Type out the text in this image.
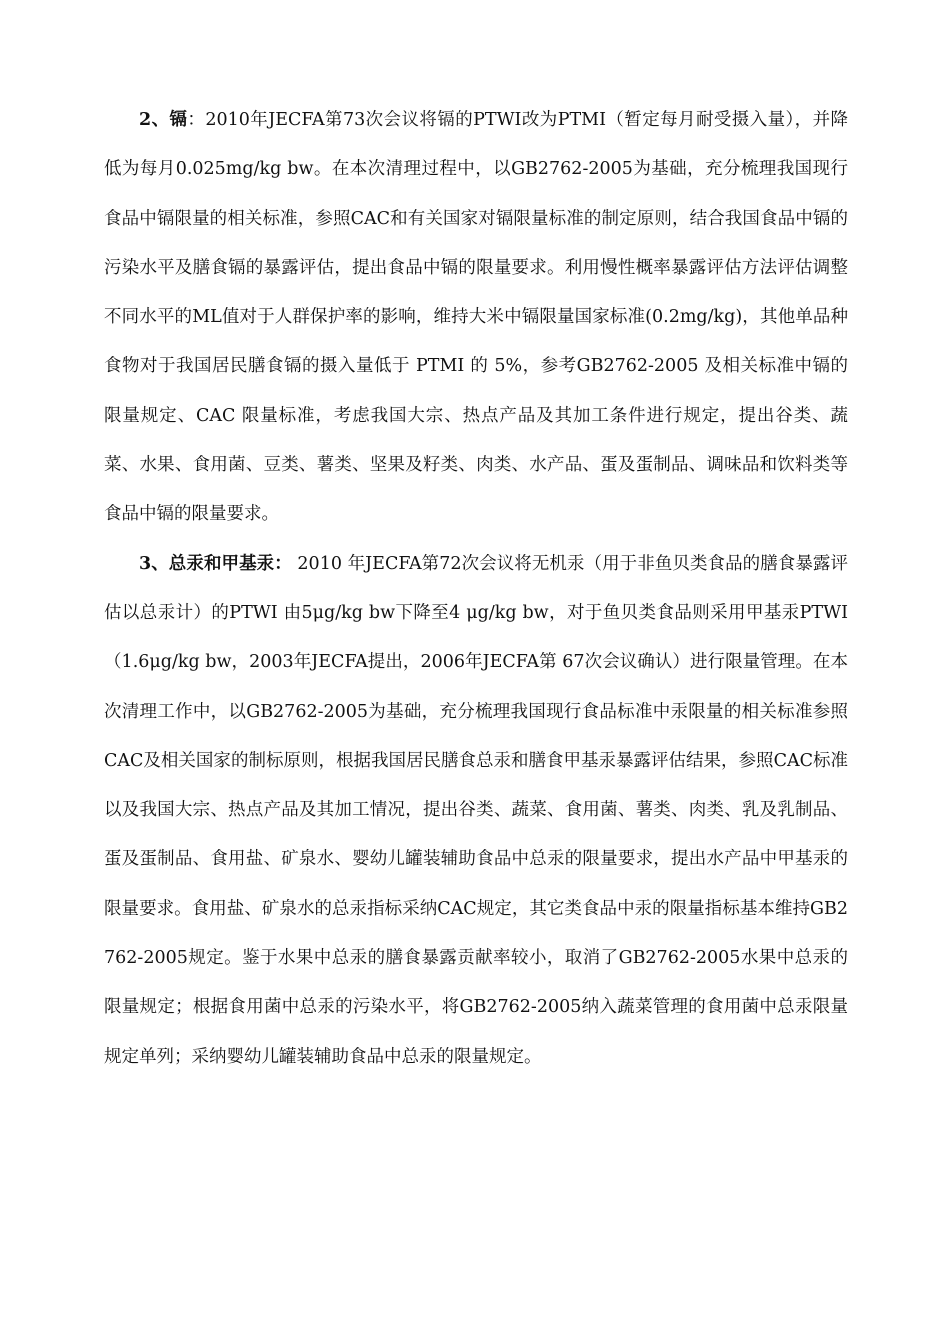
2、镉：2010年JECFA第73次会议将镉的PTWI改为PTMI（暂定每月耐受摄入量），并降低为每月0.025mg/kg bw。在本次清理过程中，以GB2762-2005为基础，充分梳理我国现行食品中镉限量的相关标准，参照CAC和有关国家对镉限量标准的制定原则，结合我国食品中镉的污染水平及膳食镉的暴露评估，提出食品中镉的限量要求。利用慢性概率暴露评估方法评估调整不同水平的ML值对于人群保护率的影响，维持大米中镉限量国家标准(0.2mg/kg)，其他单品种食物对于我国居民膳食镉的摄入量低于 PTMI 的 5%，参考GB2762-2005 及相关标准中镉的限量规定、CAC 限量标准，考虑我国大宗、热点产品及其加工条件进行规定，提出谷类、蔬菜、水果、食用菌、豆类、薯类、坚果及籽类、肉类、水产品、蛋及蛋制品、调味品和饮料类等食品中镉的限量要求。

3、总汞和甲基汞： 2010 年JECFA第72次会议将无机汞（用于非鱼贝类食品的膳食暴露评估以总汞计）的PTWI 由5μg/kg bw下降至4 μg/kg bw，对于鱼贝类食品则采用甲基汞PTWI（1.6μg/kg bw，2003年JECFA提出，2006年JECFA第 67次会议确认）进行限量管理。在本次清理工作中，以GB2762-2005为基础，充分梳理我国现行食品标准中汞限量的相关标准参照CAC及相关国家的制标原则，根据我国居民膳食总汞和膳食甲基汞暴露评估结果，参照CAC标准以及我国大宗、热点产品及其加工情况，提出谷类、蔬菜、食用菌、薯类、肉类、乳及乳制品、蛋及蛋制品、食用盐、矿泉水、婴幼儿罐装辅助食品中总汞的限量要求，提出水产品中甲基汞的限量要求。食用盐、矿泉水的总汞指标采纳CAC规定，其它类食品中汞的限量指标基本维持GB2762-2005规定。鉴于水果中总汞的膳食暴露贡献率较小，取消了GB2762-2005水果中总汞的限量规定；根据食用菌中总汞的污染水平，将GB2762-2005纳入蔬菜管理的食用菌中总汞限量规定单列；采纳婴幼儿罐装辅助食品中总汞的限量规定。
